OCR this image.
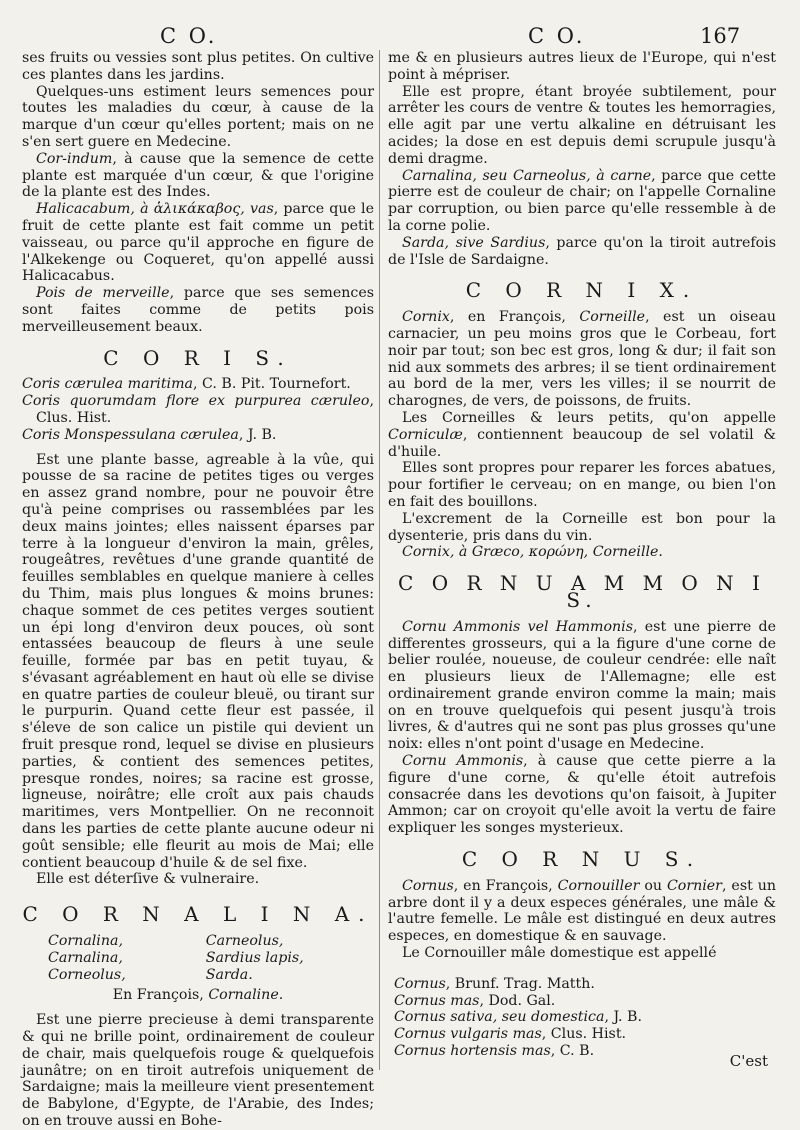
C O.	C O.	167

ses fruits ou vessies sont plus petites. On cultive ces plantes dans les jardins.

Quelques-uns estiment leurs semences pour toutes les maladies du cœur, à cause de la marque d'un cœur qu'elles portent; mais on ne s'en sert guere en Medecine.

Cor-indum, à cause que la semence de cette plante est marquée d'un cœur, & que l'origine de la plante est des Indes.

Halicacabum, à ἁλικάκαβος, vas, parce que le fruit de cette plante est fait comme un petit vaisseau, ou parce qu'il approche en figure de l'Alkekenge ou Coqueret, qu'on appellé aussi Halicacabus.

Pois de merveille, parce que ses semences sont faites comme de petits pois merveilleusement beaux.

C O R I S.

Coris cærulea maritima, C. B. Pit. Tournefort.

Coris quorumdam flore ex purpurea cæruleo, Clus. Hist.

Coris Monspessulana cærulea, J. B.

Est une plante basse, agreable à la vûe, qui pousse de sa racine de petites tiges ou verges en assez grand nombre, pour ne pouvoir être qu'à peine comprises ou rassemblées par les deux mains jointes; elles naissent éparses par terre à la longueur d'environ la main, grêles, rougeâtres, revêtues d'une grande quantité de feuilles semblables en quelque maniere à celles du Thim, mais plus longues & moins brunes: chaque sommet de ces petites verges soutient un épi long d'environ deux pouces, où sont entassées beaucoup de fleurs à une seule feuille, formée par bas en petit tuyau, & s'évasant agréablement en haut où elle se divise en quatre parties de couleur bleuë, ou tirant sur le purpurin. Quand cette fleur est passée, il s'éleve de son calice un pistile qui devient un fruit presque rond, lequel se divise en plusieurs parties, & contient des semences petites, presque rondes, noires; sa racine est grosse, ligneuse, noirâtre; elle croît aux pais chauds maritimes, vers Montpellier. On ne reconnoit dans les parties de cette plante aucune odeur ni goût sensible; elle fleurit au mois de Mai; elle contient beaucoup d'huile & de sel fixe.

Elle est déterſive & vulneraire.

C O R N A L I N A.
Cornalina,
Carnalina,
Corneolus,
Carneolus,
Sardius lapis,
Sarda.
En François, Cornaline.

Est une pierre precieuse à demi transparente & qui ne brille point, ordinairement de couleur de chair, mais quelquefois rouge & quelquefois jaunâtre; on en tiroit autrefois uniquement de Sardaigne; mais la meilleure vient presentement de Babylone, d'Egypte, de l'Arabie, des Indes; on en trouve aussi en Bohe-

me & en plusieurs autres lieux de l'Europe, qui n'est point à mépriser.

Elle est propre, étant broyée subtilement, pour arrêter les cours de ventre & toutes les hemorragies, elle agit par une vertu alkaline en détruisant les acides; la dose en est depuis demi scrupule jusqu'à demi dragme.

Carnalina, seu Carneolus, à carne, parce que cette pierre est de couleur de chair; on l'appelle Cornaline par corruption, ou bien parce qu'elle ressemble à de la corne polie.

Sarda, sive Sardius, parce qu'on la tiroit autrefois de l'Isle de Sardaigne.

C O R N I X.

Cornix, en François, Corneille, est un oiseau carnacier, un peu moins gros que le Corbeau, fort noir par tout; son bec est gros, long & dur; il fait son nid aux sommets des arbres; il se tient ordinairement au bord de la mer, vers les villes; il se nourrit de charognes, de vers, de poissons, de fruits.

Les Corneilles & leurs petits, qu'on appelle Corniculæ, contiennent beaucoup de sel volatil & d'huile.

Elles sont propres pour reparer les forces abatues, pour fortifier le cerveau; on en mange, ou bien l'on en fait des bouillons.

L'excrement de la Corneille est bon pour la dysenterie, pris dans du vin.

Cornix, à Græco, κορώνη, Corneille.

C O R N U A M M O N I S.

Cornu Ammonis vel Hammonis, est une pierre de differentes grosseurs, qui a la figure d'une corne de belier roulée, noueuse, de couleur cendrée: elle naît en plusieurs lieux de l'Allemagne; elle est ordinairement grande environ comme la main; mais on en trouve quelquefois qui pesent jusqu'à trois livres, & d'autres qui ne sont pas plus grosses qu'une noix: elles n'ont point d'usage en Medecine.

Cornu Ammonis, à cause que cette pierre a la figure d'une corne, & qu'elle étoit autrefois consacrée dans les devotions qu'on faisoit, à Jupiter Ammon; car on croyoit qu'elle avoit la vertu de faire expliquer les songes mysterieux.

C O R N U S.

Cornus, en François, Cornouiller ou Cornier, est un arbre dont il y a deux especes générales, une mâle & l'autre femelle. Le mâle est distingué en deux autres especes, en domestique & en sauvage.

Le Cornouiller mâle domestique est appellé

Cornus, Brunf. Trag. Matth.
Cornus mas, Dod. Gal.
Cornus sativa, seu domestica, J. B.
Cornus vulgaris mas, Clus. Hist.
Cornus hortensis mas, C. B.
C'est
